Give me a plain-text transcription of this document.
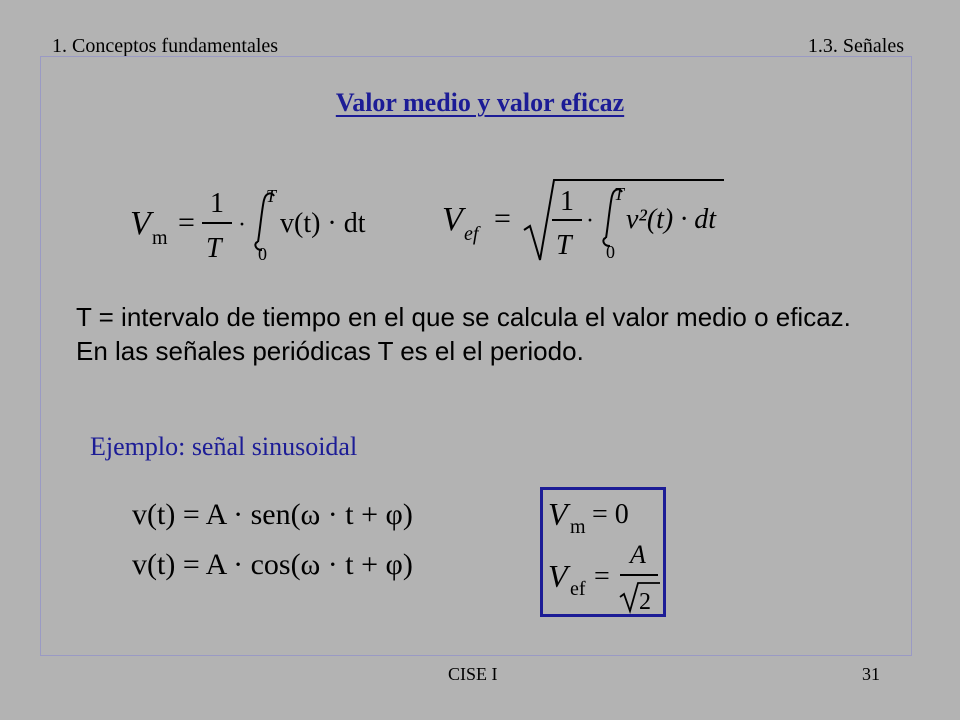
1. Conceptos fundamentales	1.3. Señales
Valor medio y valor eficaz
V m =
1
T
·
T
0
v(t) · dt V ef =
1
T
·
T
0
v²(t) · dt
T = intervalo de tiempo en el que se calcula el valor medio o eficaz. En las señales periódicas T es el el periodo.
Ejemplo: señal sinusoidal
v(t) = A · sen(ω · t + φ)
v(t) = A · cos(ω · t + φ)
V m = 0
V ef =
A
2
CISE I	31
